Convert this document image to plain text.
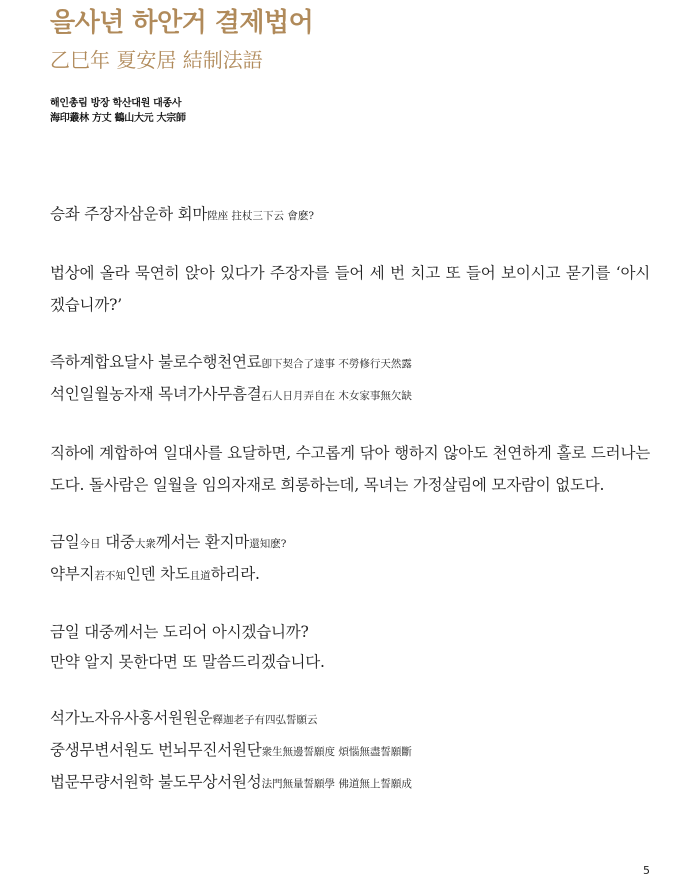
을사년 하안거 결제법어
乙巳年 夏安居 結制法語
해인총림 방장 학산대원 대종사
海印叢林 方丈 鶴山大元 大宗師
승좌 주장자삼운하 회마陞座 拄杖三下云 會麽?
법상에 올라 묵연히 앉아 있다가 주장자를 들어 세 번 치고 또 들어 보이시고 묻기를 ‘아시겠습니까?’
즉하계합요달사 불로수행천연료卽下契合了達事 不勞修行天然露
석인일월농자재 목녀가사무흠결石人日月弄自在 木女家事無欠缺
직하에 계합하여 일대사를 요달하면, 수고롭게 닦아 행하지 않아도 천연하게 홀로 드러나는도다. 돌사람은 일월을 임의자재로 희롱하는데, 목녀는 가정살림에 모자람이 없도다.
금일今日 대중大衆께서는 환지마還知麽?
약부지若不知인덴 차도且道하리라.
금일 대중께서는 도리어 아시겠습니까?
만약 알지 못한다면 또 말씀드리겠습니다.
석가노자유사홍서원원운釋迦老子有四弘誓願云
중생무변서원도 번뇌무진서원단衆生無邊誓願度 煩惱無盡誓願斷
법문무량서원학 불도무상서원성法門無量誓願學 佛道無上誓願成
5
